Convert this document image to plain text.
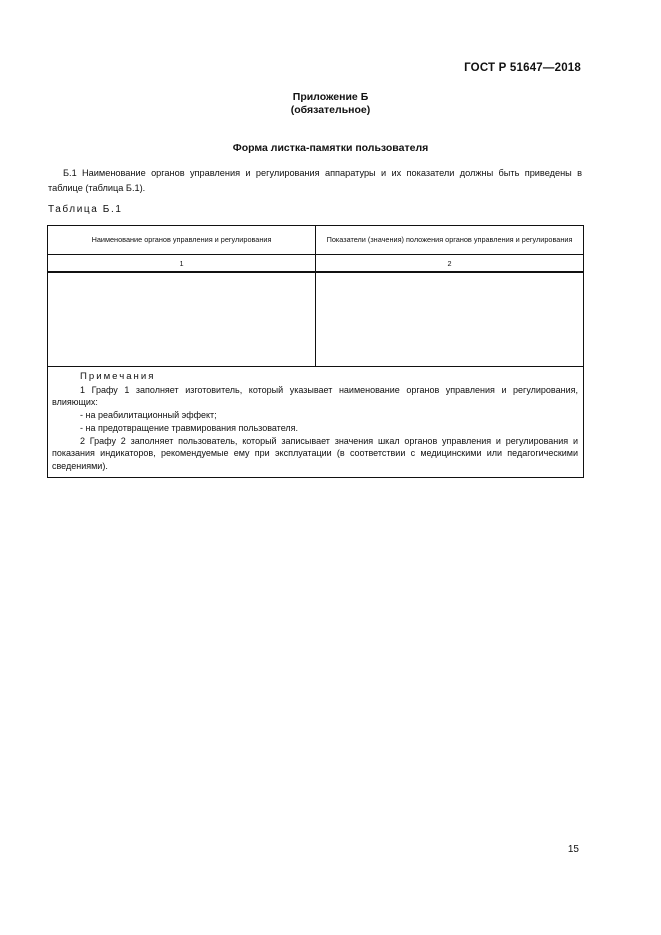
ГОСТ Р 51647—2018
Приложение Б
(обязательное)
Форма листка-памятки пользователя
Б.1 Наименование органов управления и регулирования аппаратуры и их показатели должны быть приведены в таблице (таблица Б.1).
Таблица Б.1
Наименование органов управления и регулирования	Показатели (значения) положения органов управления и регулирования
1	2

Примечания

1 Графу 1 заполняет изготовитель, который указывает наименование органов управления и регулирования, влияющих:

- на реабилитационный эффект;

- на предотвращение травмирования пользователя.

2 Графу 2 заполняет пользователь, который записывает значения шкал органов управления и регулирования и показания индикаторов, рекомендуемые ему при эксплуатации (в соответствии с медицинскими или педагогическими сведениями).	

15
